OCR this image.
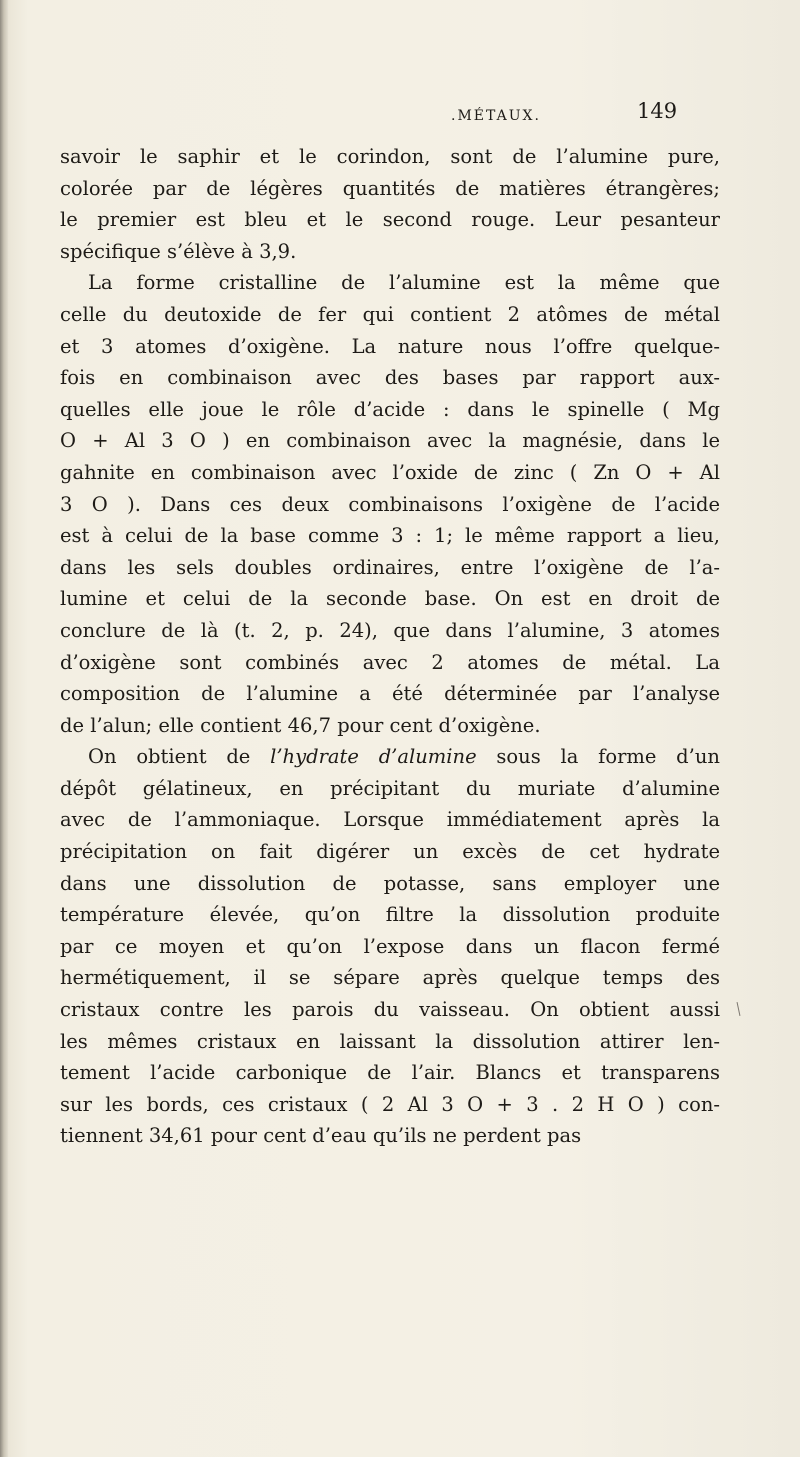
.MÉTAUX.	149
savoir le saphir et le corindon, sont de l’alumine pure,
colorée par de légères quantités de matières étrangères;
le premier est bleu et le second rouge. Leur pesanteur
spécifique s’élève à 3,9.
La forme cristalline de l’alumine est la même que
celle du deutoxide de fer qui contient 2 atômes de métal
et 3 atomes d’oxigène. La nature nous l’offre quelque-
fois en combinaison avec des bases par rapport aux-
quelles elle joue le rôle d’acide : dans le spinelle ( Mg
O + Al 3 O ) en combinaison avec la magnésie, dans le
gahnite en combinaison avec l’oxide de zinc ( Zn O + Al
3 O ). Dans ces deux combinaisons l’oxigène de l’acide
est à celui de la base comme 3 : 1; le même rapport a lieu,
dans les sels doubles ordinaires, entre l’oxigène de l’a-
lumine et celui de la seconde base. On est en droit de
conclure de là (t. 2, p. 24), que dans l’alumine, 3 atomes
d’oxigène sont combinés avec 2 atomes de métal. La
composition de l’alumine a été déterminée par l’analyse
de l’alun; elle contient 46,7 pour cent d’oxigène.
On obtient de l’hydrate d’alumine sous la forme d’un
dépôt gélatineux, en précipitant du muriate d’alumine
avec de l’ammoniaque. Lorsque immédiatement après la
précipitation on fait digérer un excès de cet hydrate
dans une dissolution de potasse, sans employer une
température élevée, qu’on filtre la dissolution produite
par ce moyen et qu’on l’expose dans un flacon fermé
hermétiquement, il se sépare après quelque temps des
cristaux contre les parois du vaisseau. On obtient aussi
les mêmes cristaux en laissant la dissolution attirer len-
tement l’acide carbonique de l’air. Blancs et transparens
sur les bords, ces cristaux ( 2 Al 3 O + 3 . 2 H O ) con-
tiennent 34,61 pour cent d’eau qu’ils ne perdent pas
